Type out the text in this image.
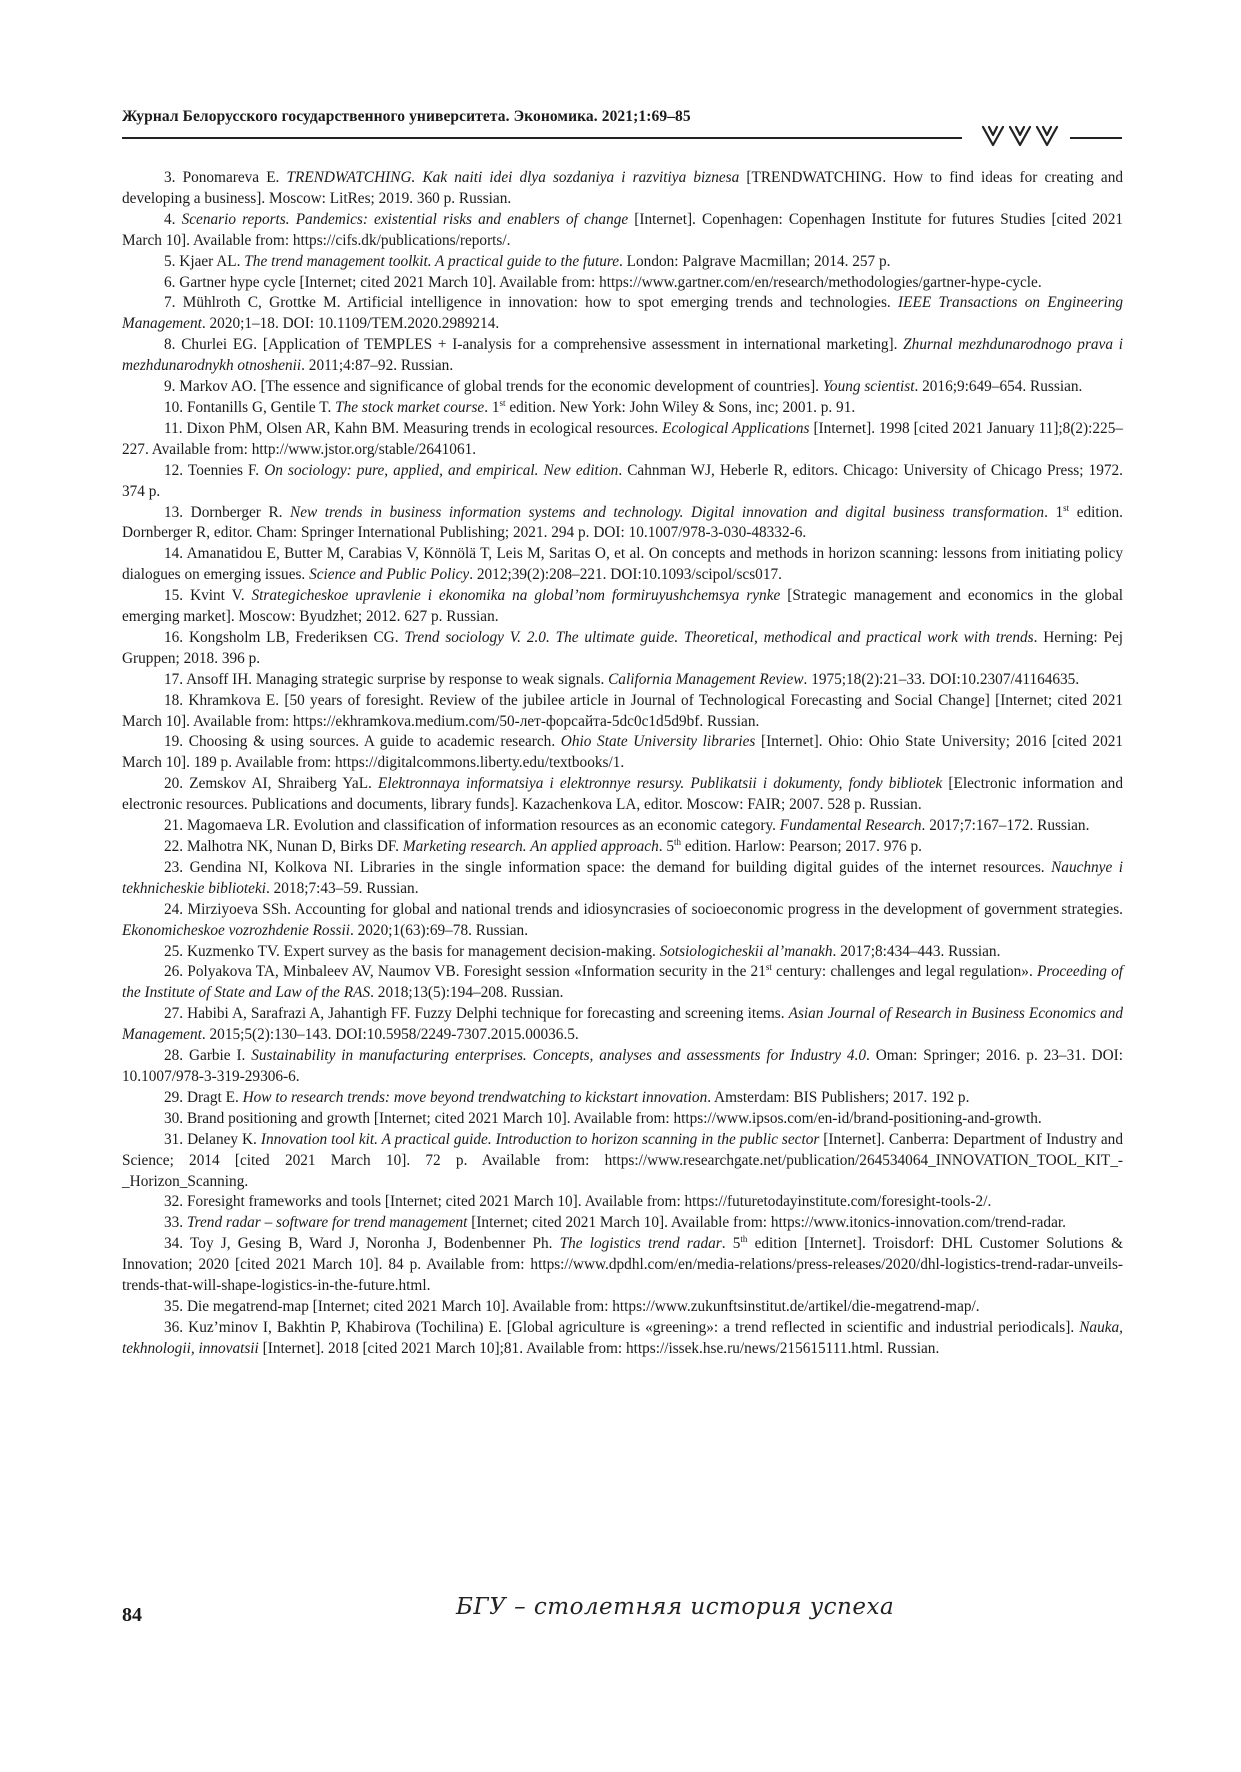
Журнал Белорусского государственного университета. Экономика. 2021;1:69–85

3. Ponomareva E. TRENDWATCHING. Kak naiti idei dlya sozdaniya i razvitiya biznesa [TRENDWATCHING. How to find ideas for creating and developing a business]. Moscow: LitRes; 2019. 360 p. Russian.

4. Scenario reports. Pandemics: existential risks and enablers of change [Internet]. Copenhagen: Copenhagen Institute for futures Studies [cited 2021 March 10]. Available from: https://cifs.dk/publications/reports/.

5. Kjaer AL. The trend management toolkit. A practical guide to the future. London: Palgrave Macmillan; 2014. 257 p.

6. Gartner hype cycle [Internet; cited 2021 March 10]. Available from: https://www.gartner.com/en/research/methodologies/gartner-hype-cycle.

7. Mühlroth C, Grottke M. Artificial intelligence in innovation: how to spot emerging trends and technologies. IEEE Transactions on Engineering Management. 2020;1–18. DOI: 10.1109/TEM.2020.2989214.

8. Churlei EG. [Application of TEMPLES + I-analysis for a comprehensive assessment in international marketing]. Zhurnal mezhdunarodnogo prava i mezhdunarodnykh otnoshenii. 2011;4:87–92. Russian.

9. Markov AO. [The essence and significance of global trends for the economic development of countries]. Young scientist. 2016;9:649–654. Russian.

10. Fontanills G, Gentile T. The stock market course. 1st edition. New York: John Wiley & Sons, inc; 2001. p. 91.

11. Dixon PhM, Olsen AR, Kahn BM. Measuring trends in ecological resources. Ecological Applications [Internet]. 1998 [cited 2021 January 11];8(2):225–227. Available from: http://www.jstor.org/stable/2641061.

12. Toennies F. On sociology: pure, applied, and empirical. New edition. Cahnman WJ, Heberle R, editors. Chicago: University of Chicago Press; 1972. 374 p.

13. Dornberger R. New trends in business information systems and technology. Digital innovation and digital business transformation. 1st edition. Dornberger R, editor. Cham: Springer International Publishing; 2021. 294 p. DOI: 10.1007/978-3-030-48332-6.

14. Amanatidou E, Butter M, Carabias V, Könnölä T, Leis M, Saritas O, et al. On concepts and methods in horizon scanning: lessons from initiating policy dialogues on emerging issues. Science and Public Policy. 2012;39(2):208–221. DOI:10.1093/scipol/scs017.

15. Kvint V. Strategicheskoe upravlenie i ekonomika na global’nom formiruyushchemsya rynke [Strategic management and economics in the global emerging market]. Moscow: Byudzhet; 2012. 627 p. Russian.

16. Kongsholm LB, Frederiksen CG. Trend sociology V. 2.0. The ultimate guide. Theoretical, methodical and practical work with trends. Herning: Pej Gruppen; 2018. 396 p.

17. Ansoff IH. Managing strategic surprise by response to weak signals. California Management Review. 1975;18(2):21–33. DOI:10.2307/41164635.

18. Khramkova E. [50 years of foresight. Review of the jubilee article in Journal of Technological Forecasting and Social Change] [Internet; cited 2021 March 10]. Available from: https://ekhramkova.medium.com/50-лет-форсайта-5dc0c1d5d9bf. Russian.

19. Choosing & using sources. A guide to academic research. Ohio State University libraries [Internet]. Ohio: Ohio State University; 2016 [cited 2021 March 10]. 189 p. Available from: https://digitalcommons.liberty.edu/textbooks/1.

20. Zemskov AI, Shraiberg YaL. Elektronnaya informatsiya i elektronnye resursy. Publikatsii i dokumenty, fondy bibliotek [Electronic information and electronic resources. Publications and documents, library funds]. Kazachenkova LA, editor. Moscow: FAIR; 2007. 528 p. Russian.

21. Magomaeva LR. Evolution and classification of information resources as an economic category. Fundamental Research. 2017;7:167–172. Russian.

22. Malhotra NK, Nunan D, Birks DF. Marketing research. An applied approach. 5th edition. Harlow: Pearson; 2017. 976 p.

23. Gendina NI, Kolkova NI. Libraries in the single information space: the demand for building digital guides of the internet resources. Nauchnye i tekhnicheskie biblioteki. 2018;7:43–59. Russian.

24. Mirziyoeva SSh. Accounting for global and national trends and idiosyncrasies of socioeconomic progress in the development of government strategies. Ekonomicheskoe vozrozhdenie Rossii. 2020;1(63):69–78. Russian.

25. Kuzmenko TV. Expert survey as the basis for management decision-making. Sotsiologicheskii al’manakh. 2017;8:434–443. Russian.

26. Polyakova TA, Minbaleev AV, Naumov VB. Foresight session «Information security in the 21st century: challenges and legal regulation». Proceeding of the Institute of State and Law of the RAS. 2018;13(5):194–208. Russian.

27. Habibi A, Sarafrazi A, Jahantigh FF. Fuzzy Delphi technique for forecasting and screening items. Asian Journal of Research in Business Economics and Management. 2015;5(2):130–143. DOI:10.5958/2249-7307.2015.00036.5.

28. Garbie I. Sustainability in manufacturing enterprises. Concepts, analyses and assessments for Industry 4.0. Oman: Springer; 2016. p. 23–31. DOI: 10.1007/978-3-319-29306-6.

29. Dragt E. How to research trends: move beyond trendwatching to kickstart innovation. Amsterdam: BIS Publishers; 2017. 192 p.

30. Brand positioning and growth [Internet; cited 2021 March 10]. Available from: https://www.ipsos.com/en-id/brand-positioning-and-growth.

31. Delaney K. Innovation tool kit. A practical guide. Introduction to horizon scanning in the public sector [Internet]. Canberra: Department of Industry and Science; 2014 [cited 2021 March 10]. 72 p. Available from: https://www.researchgate.net/publication/264534064_INNOVATION_TOOL_KIT_-_Horizon_Scanning.

32. Foresight frameworks and tools [Internet; cited 2021 March 10]. Available from: https://futuretodayinstitute.com/foresight-tools-2/.

33. Trend radar – software for trend management [Internet; cited 2021 March 10]. Available from: https://www.itonics-innovation.com/trend-radar.

34. Toy J, Gesing B, Ward J, Noronha J, Bodenbenner Ph. The logistics trend radar. 5th edition [Internet]. Troisdorf: DHL Customer Solutions & Innovation; 2020 [cited 2021 March 10]. 84 p. Available from: https://www.dpdhl.com/en/media-relations/press-releases/2020/dhl-logistics-trend-radar-unveils-trends-that-will-shape-logistics-in-the-future.html.

35. Die megatrend-map [Internet; cited 2021 March 10]. Available from: https://www.zukunftsinstitut.de/artikel/die-megatrend-map/.

36. Kuz’minov I, Bakhtin P, Khabirova (Tochilina) E. [Global agriculture is «greening»: a trend reflected in scientific and industrial periodicals]. Nauka, tekhnologii, innovatsii [Internet]. 2018 [cited 2021 March 10];81. Available from: https://issek.hse.ru/news/215615111.html. Russian.

84	БГУ – столетняя история успеха
